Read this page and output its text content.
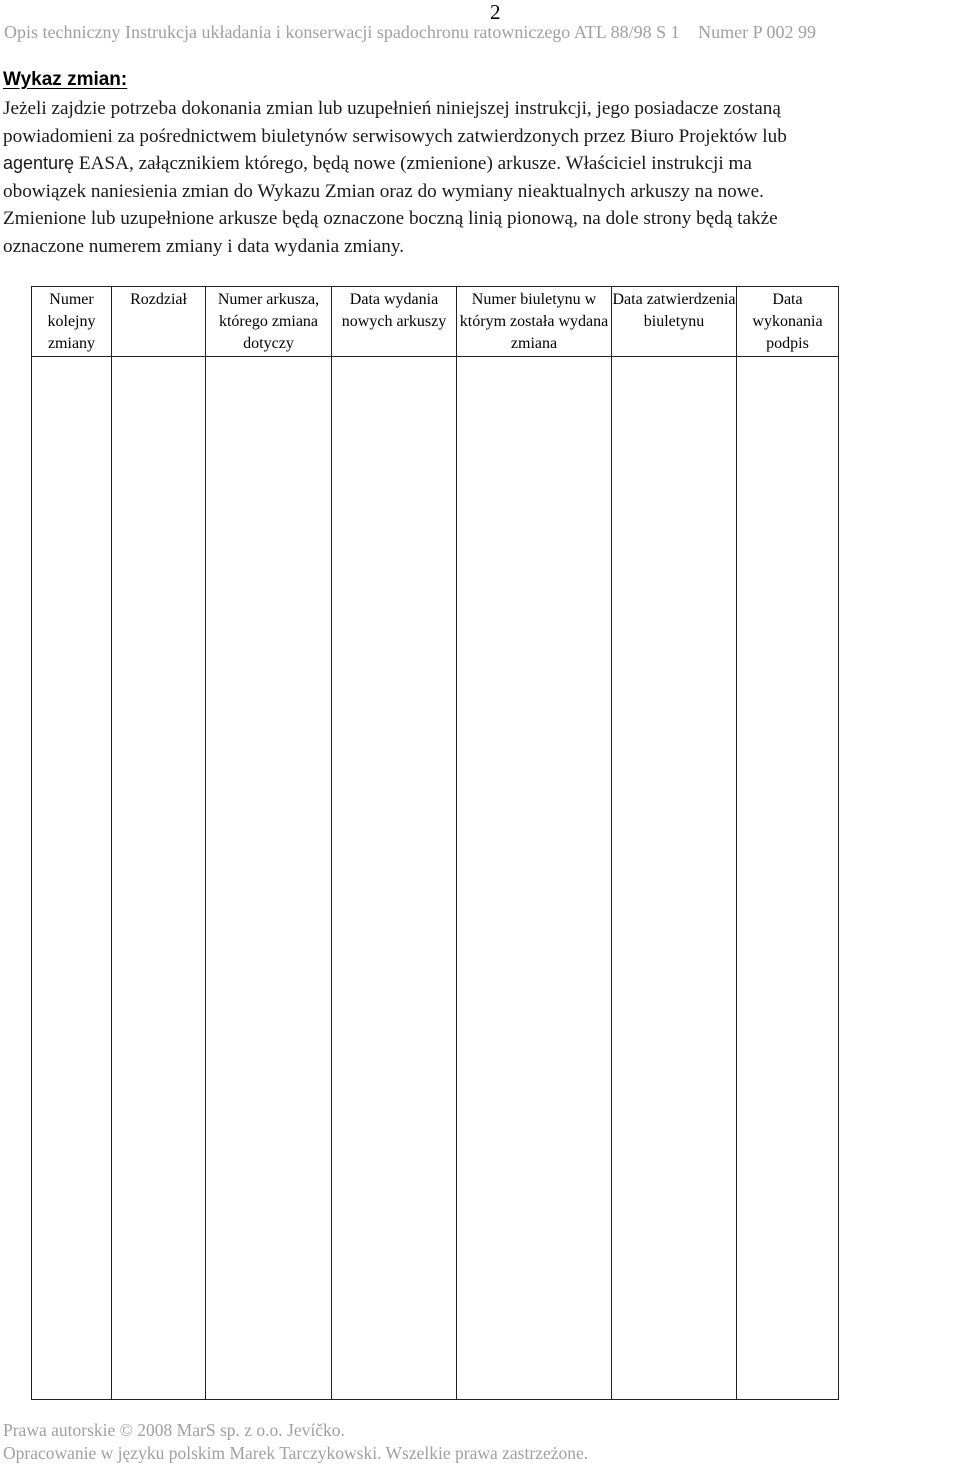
2
Opis techniczny Instrukcja układania i konserwacji spadochronu ratowniczego ATL 88/98 S 1 Numer P 002 99
Wykaz zmian:
Jeżeli zajdzie potrzeba dokonania zmian lub uzupełnień niniejszej instrukcji, jego posiadacze zostaną
powiadomieni za pośrednictwem biuletynów serwisowych zatwierdzonych przez Biuro Projektów lub
agenturę EASA, załącznikiem którego, będą nowe (zmienione) arkusze. Właściciel instrukcji ma
obowiązek naniesienia zmian do Wykazu Zmian oraz do wymiany nieaktualnych arkuszy na nowe.
Zmienione lub uzupełnione arkusze będą oznaczone boczną linią pionową, na dole strony będą także
oznaczone numerem zmiany i data wydania zmiany.
Numer kolejny zmiany	Rozdział	Numer arkusza, którego zmiana dotyczy	Data wydania nowych arkuszy	Numer biuletynu w którym została wydana zmiana	Data zatwierdzenia biuletynu	Data wykonania podpis

Prawa autorskie © 2008 MarS sp. z o.o. Jevíčko.
Opracowanie w języku polskim Marek Tarczykowski. Wszelkie prawa zastrzeżone.
